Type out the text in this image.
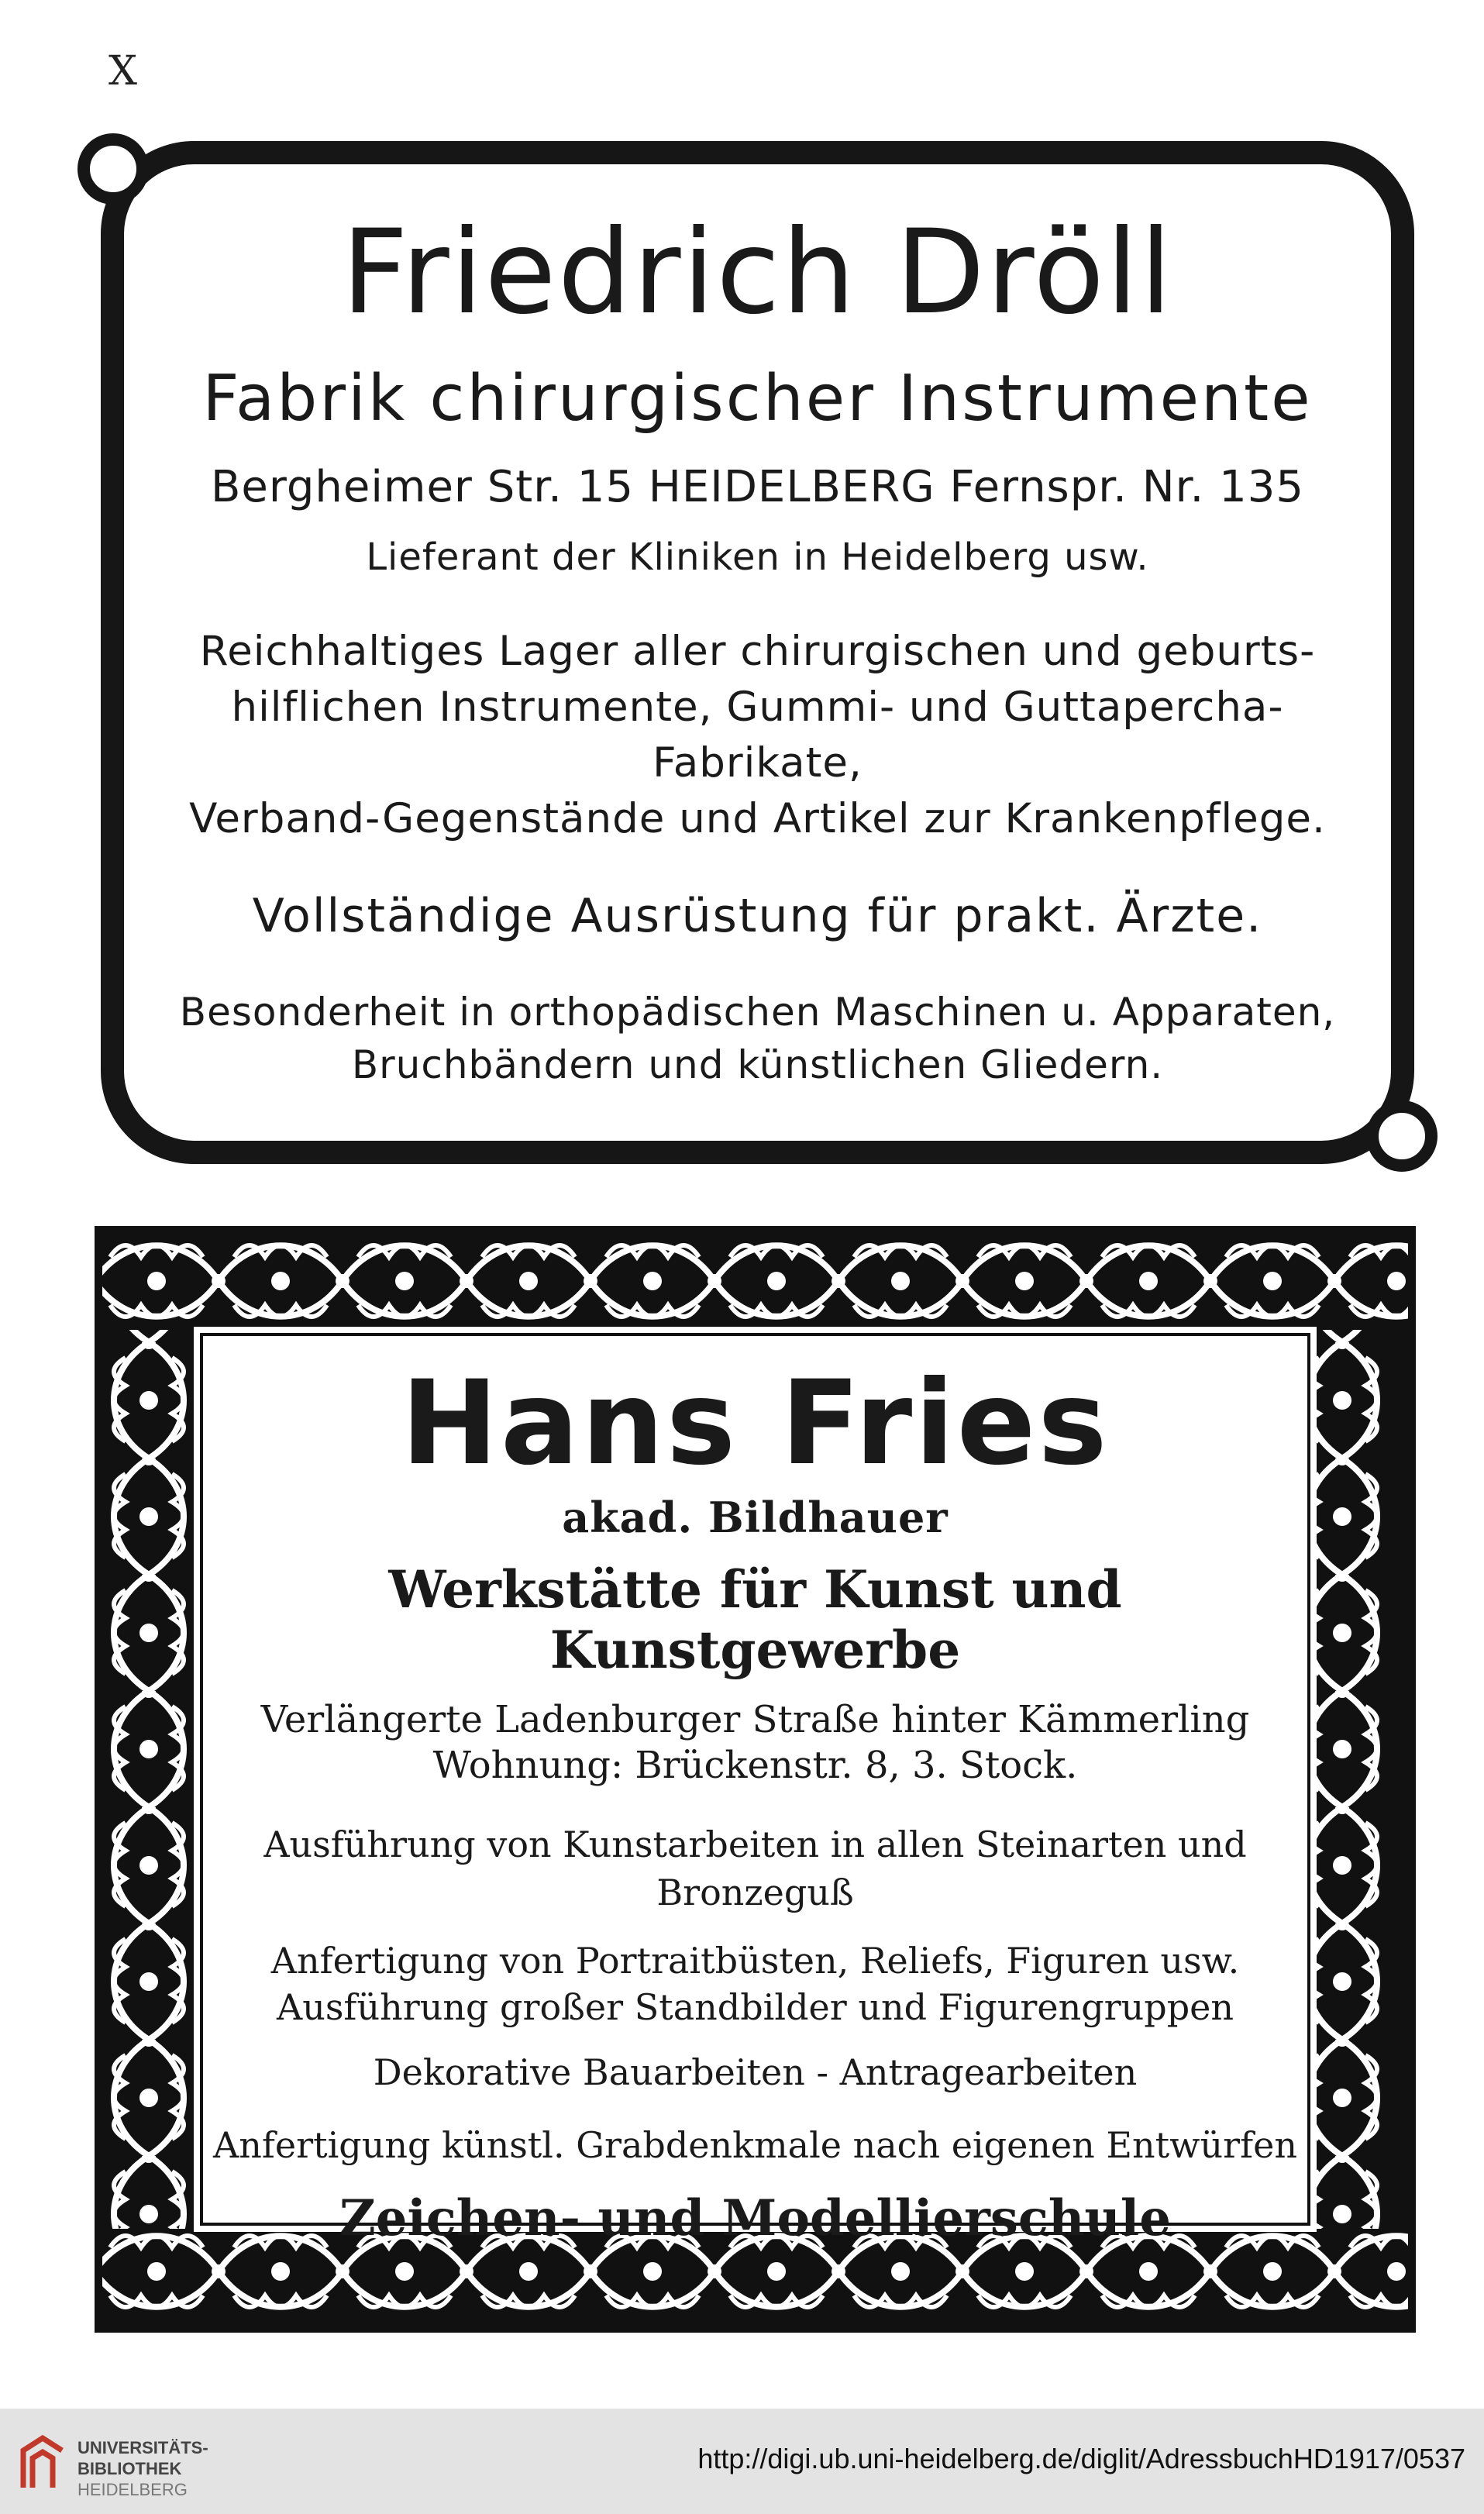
X
Friedrich Dröll
Fabrik chirurgischer Instrumente
Bergheimer Str. 15 HEIDELBERG Fernspr. Nr. 135
Lieferant der Kliniken in Heidelberg usw.
Reichhaltiges Lager aller chirurgischen und geburts-
hilflichen Instrumente, Gummi- und Guttapercha-Fabrikate,
Verband-Gegenstände und Artikel zur Krankenpflege.
Vollständige Ausrüstung für prakt. Ärzte.
Besonderheit in orthopädischen Maschinen u. Apparaten,
Bruchbändern und künstlichen Gliedern.
Hans Fries
akad. Bildhauer
Werkstätte für Kunst und Kunstgewerbe
Verlängerte Ladenburger Straße hinter Kämmerling
Wohnung: Brückenstr. 8, 3. Stock.
Ausführung von Kunstarbeiten in allen Steinarten und Bronzeguß
Anfertigung von Portraitbüsten, Reliefs, Figuren usw.
Ausführung großer Standbilder und Figurengruppen
Dekorative Bauarbeiten - Antragearbeiten
Anfertigung künstl. Grabdenkmale nach eigenen Entwürfen
Zeichen- und Modellierschule
UNIVERSITÄTS-
BIBLIOTHEK
HEIDELBERG
http://digi.ub.uni-heidelberg.de/diglit/AdressbuchHD1917/0537
